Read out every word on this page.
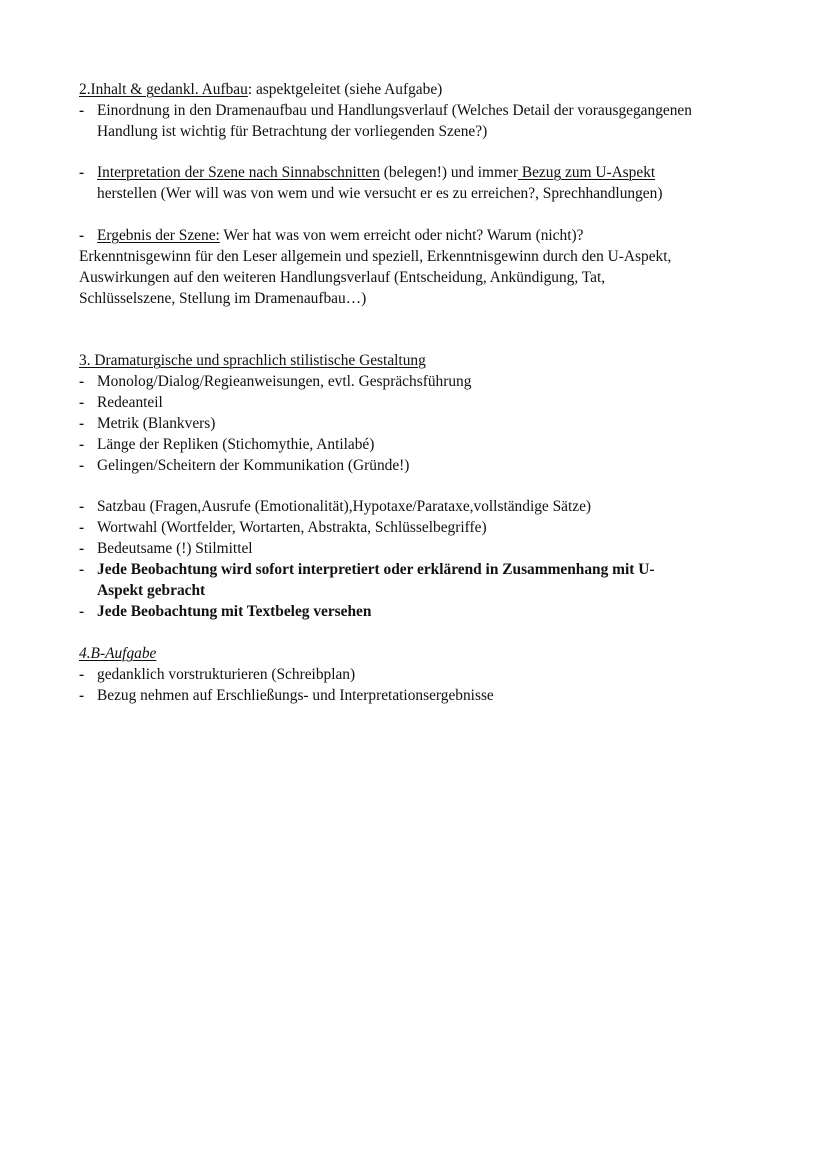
2.Inhalt & gedankl. Aufbau: aspektgeleitet (siehe Aufgabe)
- Einordnung in den Dramenaufbau und Handlungsverlauf (Welches Detail der vorausgegangenen
Handlung ist wichtig für Betrachtung der vorliegenden Szene?)
- Interpretation der Szene nach Sinnabschnitten (belegen!) und immer Bezug zum U-Aspekt
herstellen (Wer will was von wem und wie versucht er es zu erreichen?, Sprechhandlungen)
- Ergebnis der Szene: Wer hat was von wem erreicht oder nicht? Warum (nicht)?
Erkenntnisgewinn für den Leser allgemein und speziell, Erkenntnisgewinn durch den U-Aspekt,
Auswirkungen auf den weiteren Handlungsverlauf (Entscheidung, Ankündigung, Tat,
Schlüsselszene, Stellung im Dramenaufbau…)
3. Dramaturgische und sprachlich stilistische Gestaltung
- Monolog/Dialog/Regieanweisungen, evtl. Gesprächsführung
- Redeanteil
- Metrik (Blankvers)
- Länge der Repliken (Stichomythie, Antilabé)
- Gelingen/Scheitern der Kommunikation (Gründe!)
- Satzbau (Fragen,Ausrufe (Emotionalität),Hypotaxe/Parataxe,vollständige Sätze)
- Wortwahl (Wortfelder, Wortarten, Abstrakta, Schlüsselbegriffe)
- Bedeutsame (!) Stilmittel
- Jede Beobachtung wird sofort interpretiert oder erklärend in Zusammenhang mit U-
Aspekt gebracht
- Jede Beobachtung mit Textbeleg versehen
4.B-Aufgabe
- gedanklich vorstrukturieren (Schreibplan)
- Bezug nehmen auf Erschließungs- und Interpretationsergebnisse
